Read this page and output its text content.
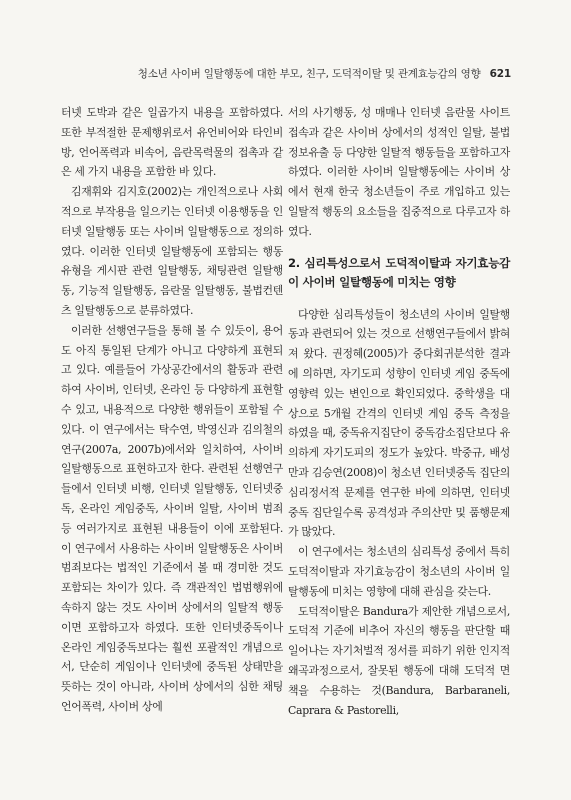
청소년 사이버 일탈행동에 대한 부모, 친구, 도덕적이탈 및 관계효능감의 영향 621

터넷 도박과 같은 일곱가지 내용을 포함하였다. 또한 부적절한 문제행위로서 유언비어와 타인비방, 언어폭력과 비속어, 음란목력물의 접촉과 같은 세 가지 내용을 포함한 바 있다.

김재휘와 김지호(2002)는 개인적으로나 사회적으로 부작용을 일으키는 인터넷 이용행동을 인터넷 일탈행동 또는 사이버 일탈행동으로 정의하였다. 이러한 인터넷 일탈행동에 포함되는 행동유형을 게시판 관련 일탈행동, 채팅관련 일탈행동, 기능적 일탈행동, 음란물 일탈행동, 불법컨텐츠 일탈행동으로 분류하였다.

이러한 선행연구들을 통해 볼 수 있듯이, 용어도 아직 통일된 단계가 아니고 다양하게 표현되고 있다. 예를들어 가상공간에서의 활동과 관련하여 사이버, 인터넷, 온라인 등 다양하게 표현할 수 있고, 내용적으로 다양한 행위들이 포함될 수 있다. 이 연구에서는 탁수연, 박영신과 김의철의 연구(2007a, 2007b)에서와 일치하여, 사이버 일탈행동으로 표현하고자 한다. 관련된 선행연구들에서 인터넷 비행, 인터넷 일탈행동, 인터넷중독, 온라인 게임중독, 사이버 일탈, 사이버 범죄 등 여러가지로 표현된 내용들이 이에 포함된다. 이 연구에서 사용하는 사이버 일탈행동은 사이버 범죄보다는 법적인 기준에서 볼 때 경미한 것도 포함되는 차이가 있다. 즉 객관적인 법범행위에 속하지 않는 것도 사이버 상에서의 일탈적 행동이면 포함하고자 하였다. 또한 인터넷중독이나 온라인 게임중독보다는 훨씬 포괄적인 개념으로서, 단순히 게임이나 인터넷에 중독된 상태만을 뜻하는 것이 아니라, 사이버 상에서의 심한 채팅 언어폭력, 사이버 상에

서의 사기행동, 성 매매나 인터넷 음란물 사이트 접속과 같은 사이버 상에서의 성적인 일탈, 불법 정보유출 등 다양한 일탈적 행동들을 포함하고자 하였다. 이러한 사이버 일탈행동에는 사이버 상에서 현재 한국 청소년들이 주로 개입하고 있는 일탈적 행동의 요소들을 집중적으로 다루고자 하였다.

2. 심리특성으로서 도덕적이탈과 자기효능감이 사이버 일탈행동에 미치는 영향

다양한 심리특성들이 청소년의 사이버 일탈행동과 관련되어 있는 것으로 선행연구들에서 밝혀져 왔다. 권정혜(2005)가 중다회귀분석한 결과에 의하면, 자기도피 성향이 인터넷 게임 중독에 영향력 있는 변인으로 확인되었다. 중학생을 대상으로 5개월 간격의 인터넷 게임 중독 측정을 하였을 때, 중독유지집단이 중독감소집단보다 유의하게 자기도피의 정도가 높았다. 박중규, 배성만과 김승연(2008)이 청소년 인터넷중독 집단의 심리정서적 문제를 연구한 바에 의하면, 인터넷중독 집단일수록 공격성과 주의산만 및 품행문제가 많았다.

이 연구에서는 청소년의 심리특성 중에서 특히 도덕적이탈과 자기효능감이 청소년의 사이버 일탈행동에 미치는 영향에 대해 관심을 갖는다.

도덕적이탈은 Bandura가 제안한 개념으로서, 도덕적 기준에 비추어 자신의 행동을 판단할 때 일어나는 자기처벌적 정서를 피하기 위한 인지적 왜곡과정으로서, 잘못된 행동에 대해 도덕적 면책을 수용하는 것(Bandura, Barbaraneli, Caprara & Pastorelli,
